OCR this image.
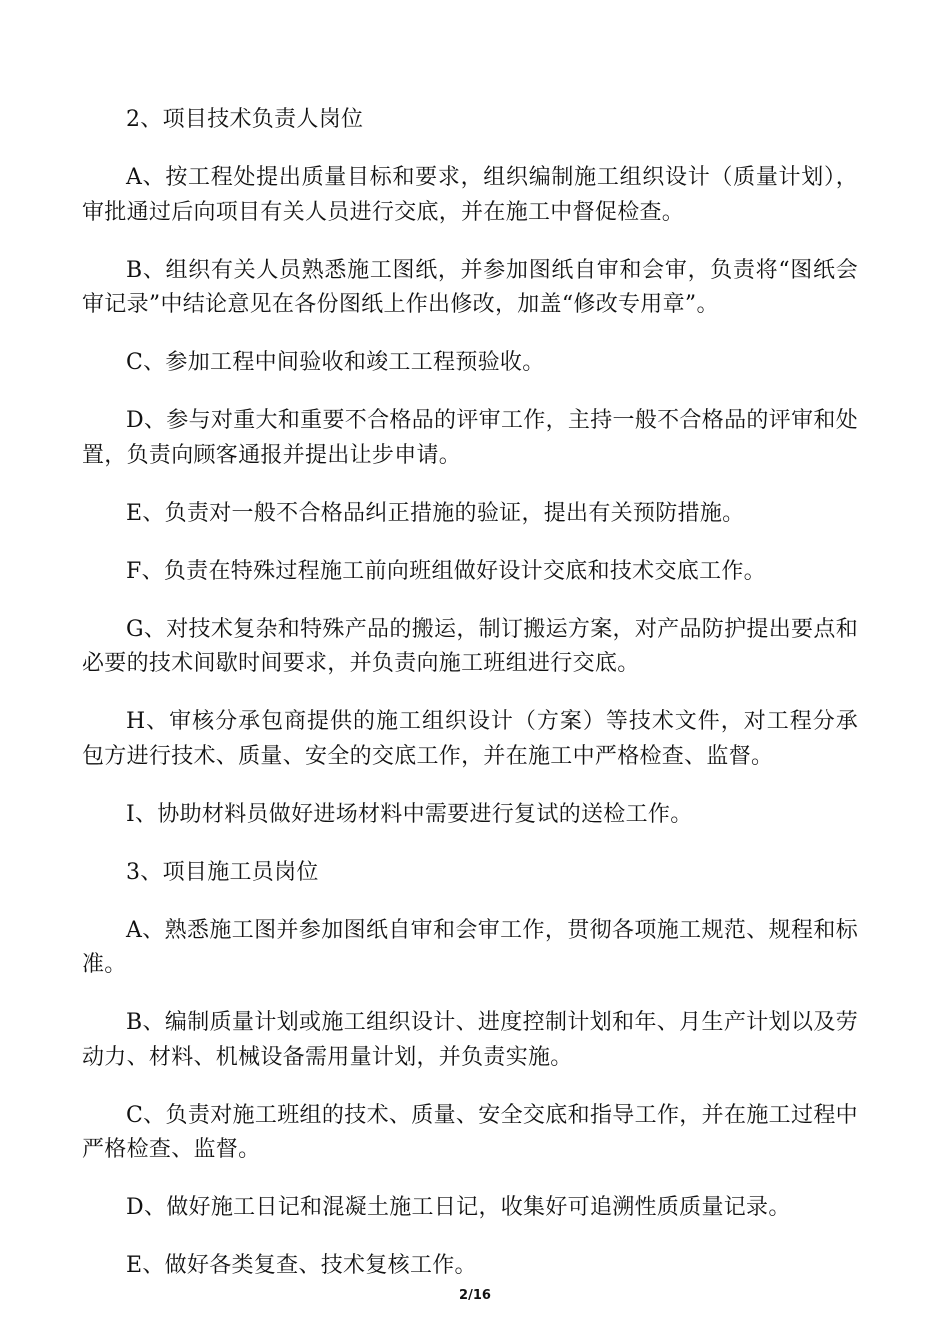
2、项目技术负责人岗位

A、按工程处提出质量目标和要求，组织编制施工组织设计（质量计划），审批通过后向项目有关人员进行交底，并在施工中督促检查。

B、组织有关人员熟悉施工图纸，并参加图纸自审和会审，负责将“图纸会审记录”中结论意见在各份图纸上作出修改，加盖“修改专用章”。

C、参加工程中间验收和竣工工程预验收。

D、参与对重大和重要不合格品的评审工作，主持一般不合格品的评审和处置，负责向顾客通报并提出让步申请。

E、负责对一般不合格品纠正措施的验证，提出有关预防措施。

F、负责在特殊过程施工前向班组做好设计交底和技术交底工作。

G、对技术复杂和特殊产品的搬运，制订搬运方案，对产品防护提出要点和必要的技术间歇时间要求，并负责向施工班组进行交底。

H、审核分承包商提供的施工组织设计（方案）等技术文件，对工程分承包方进行技术、质量、安全的交底工作，并在施工中严格检查、监督。

I、协助材料员做好进场材料中需要进行复试的送检工作。

3、项目施工员岗位

A、熟悉施工图并参加图纸自审和会审工作，贯彻各项施工规范、规程和标准。

B、编制质量计划或施工组织设计、进度控制计划和年、月生产计划以及劳动力、材料、机械设备需用量计划，并负责实施。

C、负责对施工班组的技术、质量、安全交底和指导工作，并在施工过程中严格检查、监督。

D、做好施工日记和混凝土施工日记，收集好可追溯性质质量记录。

E、做好各类复查、技术复核工作。

2/16
